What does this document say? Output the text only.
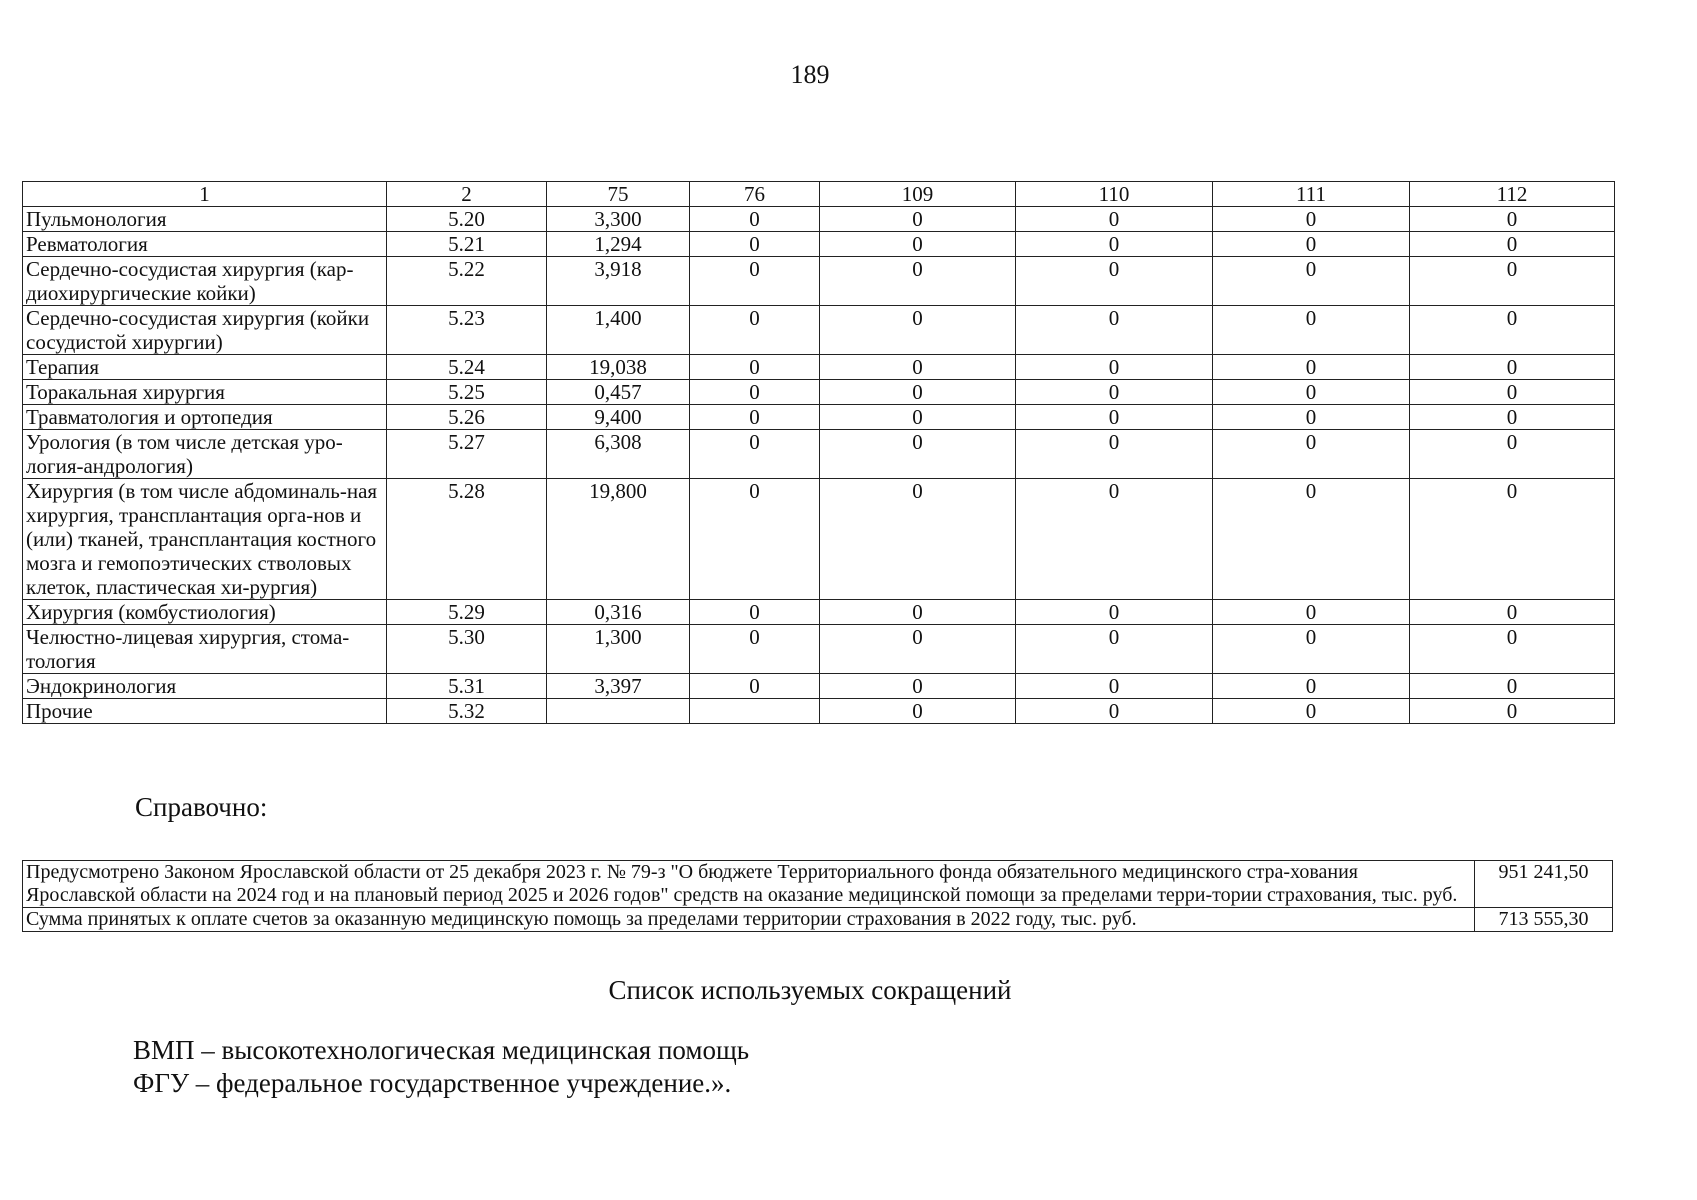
189
1	2	75	76	109	110	111	112
Пульмонология	5.20	3,300	0	0	0	0	0
Ревматология	5.21	1,294	0	0	0	0	0
Сердечно-сосудистая хирургия (кар-диохирургические койки)	5.22	3,918	0	0	0	0	0
Сердечно-сосудистая хирургия (койки сосудистой хирургии)	5.23	1,400	0	0	0	0	0
Терапия	5.24	19,038	0	0	0	0	0
Торакальная хирургия	5.25	0,457	0	0	0	0	0
Травматология и ортопедия	5.26	9,400	0	0	0	0	0
Урология (в том числе детская уро-логия-андрология)	5.27	6,308	0	0	0	0	0
Хирургия (в том числе абдоминаль-ная хирургия, трансплантация орга-нов и (или) тканей, трансплантация костного мозга и гемопоэтических стволовых клеток, пластическая хи-рургия)	5.28	19,800	0	0	0	0	0
Хирургия (комбустиология)	5.29	0,316	0	0	0	0	0
Челюстно-лицевая хирургия, стома-тология	5.30	1,300	0	0	0	0	0
Эндокринология	5.31	3,397	0	0	0	0	0
Прочие	5.32			0	0	0	0
Справочно:
Предусмотрено Законом Ярославской области от 25 декабря 2023 г. № 79-з "О бюджете Территориального фонда обязательного медицинского стра-хования Ярославской области на 2024 год и на плановый период 2025 и 2026 годов" средств на оказание медицинской помощи за пределами терри-тории страхования, тыс. руб.	951 241,50
Сумма принятых к оплате счетов за оказанную медицинскую помощь за пределами территории страхования в 2022 году, тыс. руб.	713 555,30
Список используемых сокращений
ВМП – высокотехнологическая медицинская помощь
ФГУ – федеральное государственное учреждение.».
